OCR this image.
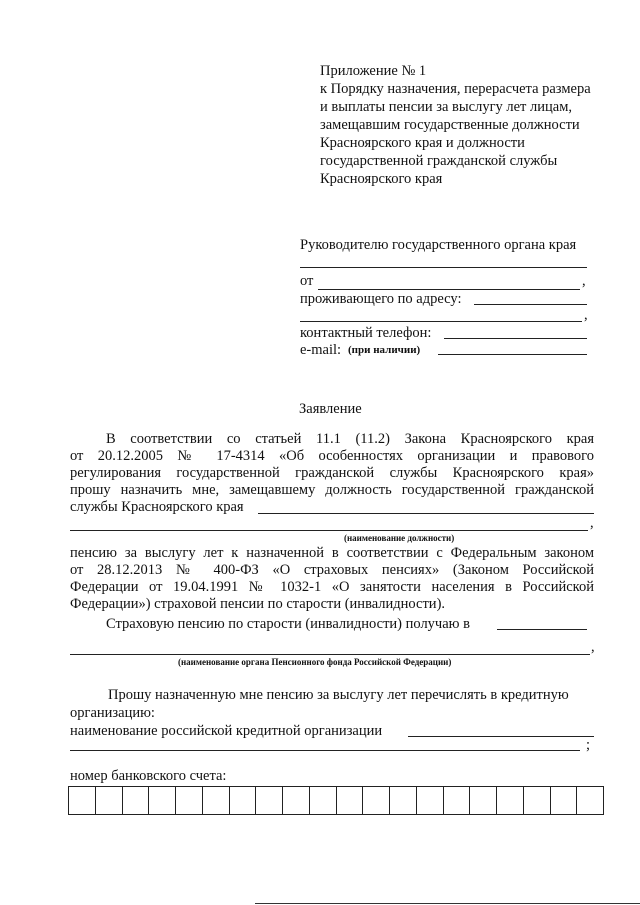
Приложение № 1
к Порядку назначения, перерасчета размера
и выплаты пенсии за выслугу лет лицам,
замещавшим государственные должности
Красноярского края и должности
государственной гражданской службы
Красноярского края
Руководителю государственного органа края
от	,
проживающего по адресу:
,
контактный телефон:
e-mail: (при наличии)
Заявление
В соответствии со статьей 11.1 (11.2) Закона Красноярского края
от 20.12.2005 № 17-4314 «Об особенностях организации и правового
регулирования государственной гражданской службы Красноярского края»
прошу назначить мне, замещавшему должность государственной гражданской
службы Красноярского края
,
(наименование должности)
пенсию за выслугу лет к назначенной в соответствии с Федеральным законом
от 28.12.2013 № 400-ФЗ «О страховых пенсиях» (Законом Российской
Федерации от 19.04.1991 № 1032-1 «О занятости населения в Российской
Федерации») страховой пенсии по старости (инвалидности).
Страховую пенсию по старости (инвалидности) получаю в
,
(наименование органа Пенсионного фонда Российской Федерации)
Прошу назначенную мне пенсию за выслугу лет перечислять в кредитную
организацию:
наименование российской кредитной организации
;
номер банковского счета:
